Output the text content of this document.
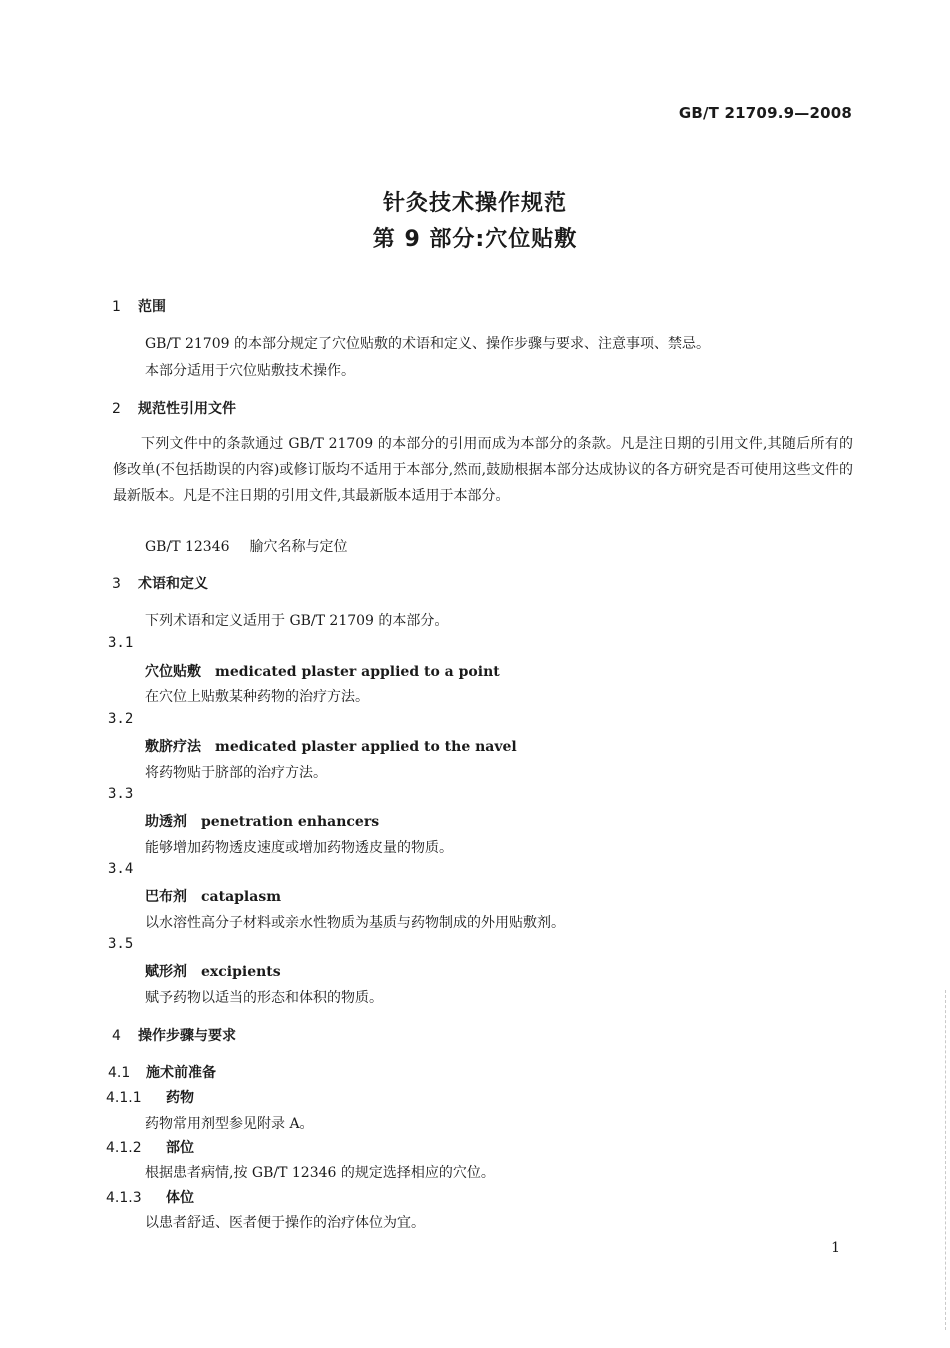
GB/T 21709.9—2008
针灸技术操作规范
第 9 部分:穴位贴敷
1 范围
GB/T 21709 的本部分规定了穴位贴敷的术语和定义、操作步骤与要求、注意事项、禁忌。
本部分适用于穴位贴敷技术操作。
2 规范性引用文件
下列文件中的条款通过 GB/T 21709 的本部分的引用而成为本部分的条款。凡是注日期的引用文件,其随后所有的修改单(不包括勘误的内容)或修订版均不适用于本部分,然而,鼓励根据本部分达成协议的各方研究是否可使用这些文件的最新版本。凡是不注日期的引用文件,其最新版本适用于本部分。
GB/T 12346 腧穴名称与定位
3 术语和定义
下列术语和定义适用于 GB/T 21709 的本部分。
3.1
穴位贴敷 medicated plaster applied to a point
在穴位上贴敷某种药物的治疗方法。
3.2
敷脐疗法 medicated plaster applied to the navel
将药物贴于脐部的治疗方法。
3.3
助透剂 penetration enhancers
能够增加药物透皮速度或增加药物透皮量的物质。
3.4
巴布剂 cataplasm
以水溶性高分子材料或亲水性物质为基质与药物制成的外用贴敷剂。
3.5
赋形剂 excipients
赋予药物以适当的形态和体积的物质。
4 操作步骤与要求
4.1 施术前准备
4.1.1 药物
药物常用剂型参见附录 A。
4.1.2 部位
根据患者病情,按 GB/T 12346 的规定选择相应的穴位。
4.1.3 体位
以患者舒适、医者便于操作的治疗体位为宜。
1
